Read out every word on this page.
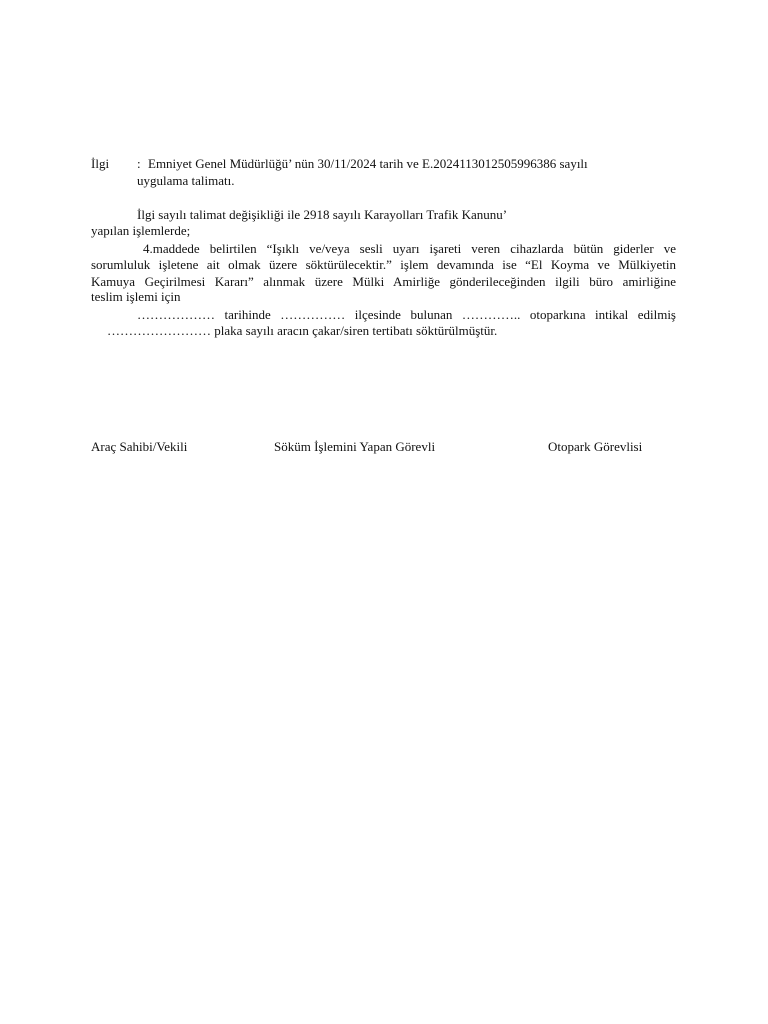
İlgi : Emniyet Genel Müdürlüğü’ nün 30/11/2024 tarih ve E.2024113012505996386 sayılı
uygulama talimatı.
İlgi sayılı talimat değişikliği ile 2918 sayılı Karayolları Trafik Kanunu’
yapılan işlemlerde;
4.maddede belirtilen “Işıklı ve/veya sesli uyarı işareti veren cihazlarda bütün giderler ve
sorumluluk işletene ait olmak üzere söktürülecektir.” işlem devamında ise “El Koyma ve Mülkiyetin
Kamuya Geçirilmesi Kararı” alınmak üzere Mülki Amirliğe gönderileceğinden ilgili büro amirliğine
teslim işlemi için
……………… tarihinde …………… ilçesinde bulunan ………….. otoparkına intikal edilmiş
…………………… plaka sayılı aracın çakar/siren tertibatı söktürülmüştür.
Araç Sahibi/Vekili	Söküm İşlemini Yapan Görevli	Otopark Görevlisi
